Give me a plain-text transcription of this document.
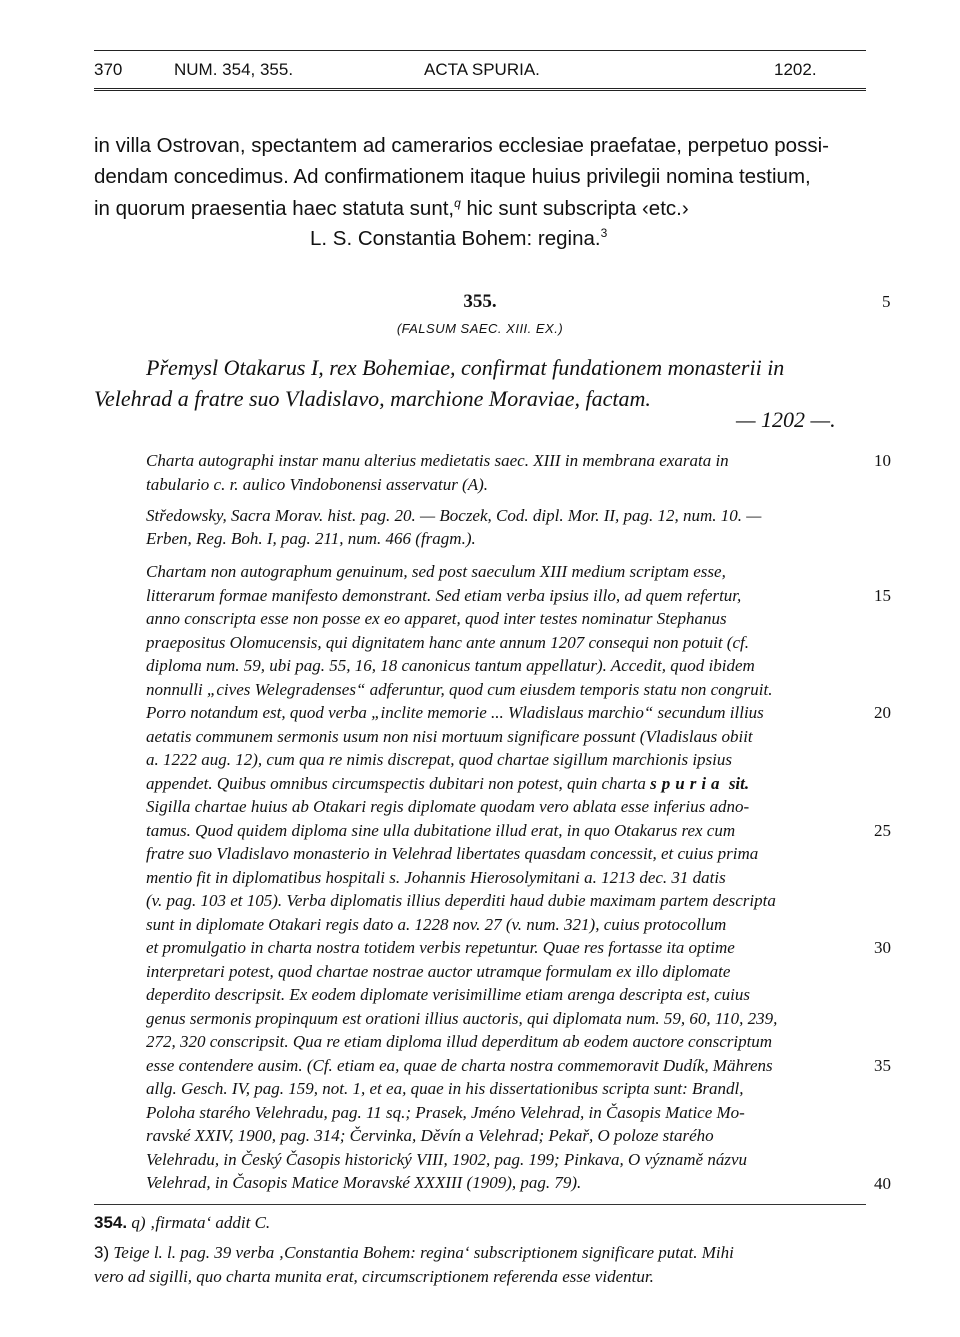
370	NUM. 354, 355.	ACTA SPURIA.	1202.
in villa Ostrovan, spectantem ad camerarios ecclesiae praefatae, perpetuo possi-
dendam concedimus. Ad confirmationem itaque huius privilegii nomina testium,
in quorum praesentia haec statuta sunt,$^q$ hic sunt subscripta ‹etc.›
L. S. Constantia Bohem: regina.$^3$
355.	5
(FALSUM SAEC. XIII. EX.)
Přemysl Otakarus I, rex Bohemiae, confirmat fundationem monasterii in
Velehrad a fratre suo Vladislavo, marchione Moraviae, factam.
— 1202 —.
Charta autographi instar manu alterius medietatis saec. XIII in membrana exarata in	10
tabulario c. r. aulico Vindobonensi asservatur (A).
Středowsky, Sacra Morav. hist. pag. 20. — Boczek, Cod. dipl. Mor. II, pag. 12, num. 10. —
Erben, Reg. Boh. I, pag. 211, num. 466 (fragm.).
Chartam non autographum genuinum, sed post saeculum XIII medium scriptam esse,
litterarum formae manifesto demonstrant. Sed etiam verba ipsius illo, ad quem refertur,	15
anno conscripta esse non posse ex eo apparet, quod inter testes nominatur Stephanus
praepositus Olomucensis, qui dignitatem hanc ante annum 1207 consequi non potuit (cf.
diploma num. 59, ubi pag. 55, 16, 18 canonicus tantum appellatur). Accedit, quod ibidem
nonnulli „cives Welegradenses“ adferuntur, quod cum eiusdem temporis statu non congruit.
Porro notandum est, quod verba „inclite memorie ... Wladislaus marchio“ secundum illius	20
aetatis communem sermonis usum non nisi mortuum significare possunt (Vladislaus obiit
a. 1222 aug. 12), cum qua re nimis discrepat, quod chartae sigillum marchionis ipsius
appendet. Quibus omnibus circumspectis dubitari non potest, quin charta spuria sit.
Sigilla chartae huius ab Otakari regis diplomate quodam vero ablata esse inferius adno-
tamus. Quod quidem diploma sine ulla dubitatione illud erat, in quo Otakarus rex cum	25
fratre suo Vladislavo monasterio in Velehrad libertates quasdam concessit, et cuius prima
mentio fit in diplomatibus hospitali s. Johannis Hierosolymitani a. 1213 dec. 31 datis
(v. pag. 103 et 105). Verba diplomatis illius deperditi haud dubie maximam partem descripta
sunt in diplomate Otakari regis dato a. 1228 nov. 27 (v. num. 321), cuius protocollum
et promulgatio in charta nostra totidem verbis repetuntur. Quae res fortasse ita optime	30
interpretari potest, quod chartae nostrae auctor utramque formulam ex illo diplomate
deperdito descripsit. Ex eodem diplomate verisimillime etiam arenga descripta est, cuius
genus sermonis propinquum est orationi illius auctoris, qui diplomata num. 59, 60, 110, 239,
272, 320 conscripsit. Qua re etiam diploma illud deperditum ab eodem auctore conscriptum
esse contendere ausim. (Cf. etiam ea, quae de charta nostra commemoravit Dudík, Mährens	35
allg. Gesch. IV, pag. 159, not. 1, et ea, quae in his dissertationibus scripta sunt: Brandl,
Poloha starého Velehradu, pag. 11 sq.; Prasek, Jméno Velehrad, in Časopis Matice Mo-
ravské XXIV, 1900, pag. 314; Červinka, Děvín a Velehrad; Pekař, O poloze starého
Velehradu, in Český Časopis historický VIII, 1902, pag. 199; Pinkava, O významě názvu
Velehrad, in Časopis Matice Moravské XXXIII (1909), pag. 79).	40
354. q) ‚firmata‘ addit C.
3) Teige l. l. pag. 39 verba ‚Constantia Bohem: regina‘ subscriptionem significare putat. Mihi
vero ad sigilli, quo charta munita erat, circumscriptionem referenda esse videntur.
